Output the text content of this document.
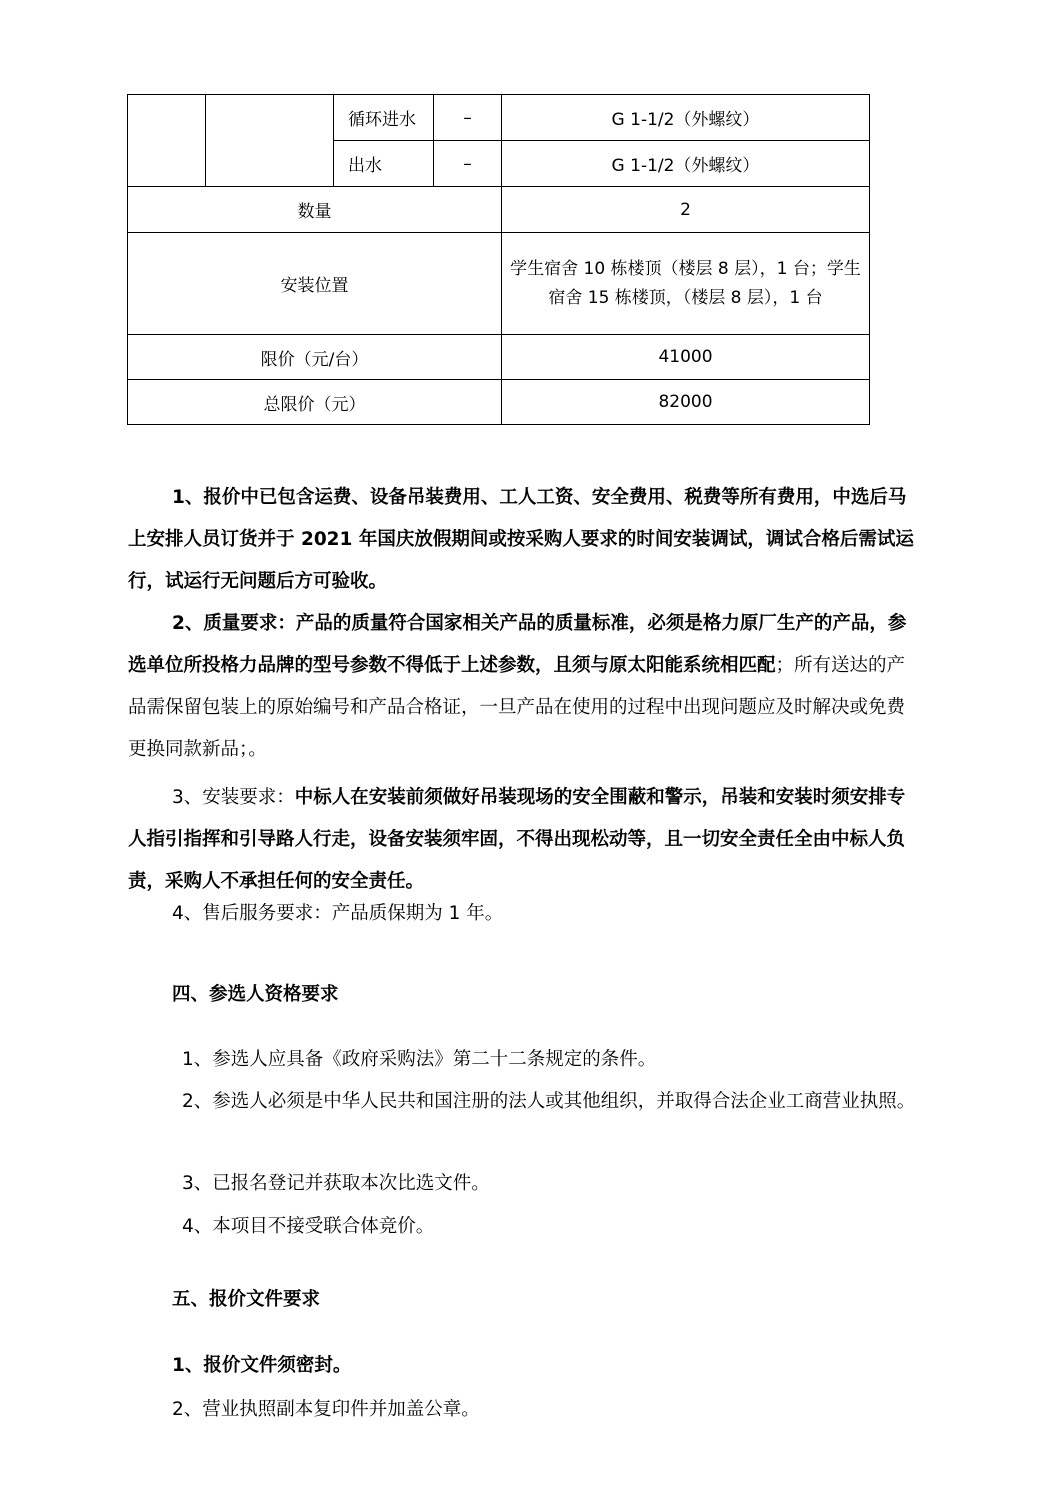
		循环进水	–	G 1-1/2（外螺纹）
		出水	–	G 1-1/2（外螺纹）
数量				2
安装位置				学生宿舍 10 栋楼顶（楼层 8 层），1 台；学生宿舍 15 栋楼顶，（楼层 8 层），1 台
限价（元/台）				41000
总限价（元）				82000

1、报价中已包含运费、设备吊装费用、工人工资、安全费用、税费等所有费用，中选后马上安排人员订货并于 2021 年国庆放假期间或按采购人要求的时间安装调试，调试合格后需试运行，试运行无问题后方可验收。

2、质量要求：产品的质量符合国家相关产品的质量标准，必须是格力原厂生产的产品，参选单位所投格力品牌的型号参数不得低于上述参数，且须与原太阳能系统相匹配；所有送达的产品需保留包装上的原始编号和产品合格证，一旦产品在使用的过程中出现问题应及时解决或免费更换同款新品；。

3、安装要求：中标人在安装前须做好吊装现场的安全围蔽和警示，吊装和安装时须安排专人指引指挥和引导路人行走，设备安装须牢固，不得出现松动等，且一切安全责任全由中标人负责，采购人不承担任何的安全责任。

4、售后服务要求：产品质保期为 1 年。

四、参选人资格要求

1、参选人应具备《政府采购法》第二十二条规定的条件。

2、参选人必须是中华人民共和国注册的法人或其他组织，并取得合法企业工商营业执照。

3、已报名登记并获取本次比选文件。

4、本项目不接受联合体竞价。

五、报价文件要求

1、报价文件须密封。

2、营业执照副本复印件并加盖公章。
